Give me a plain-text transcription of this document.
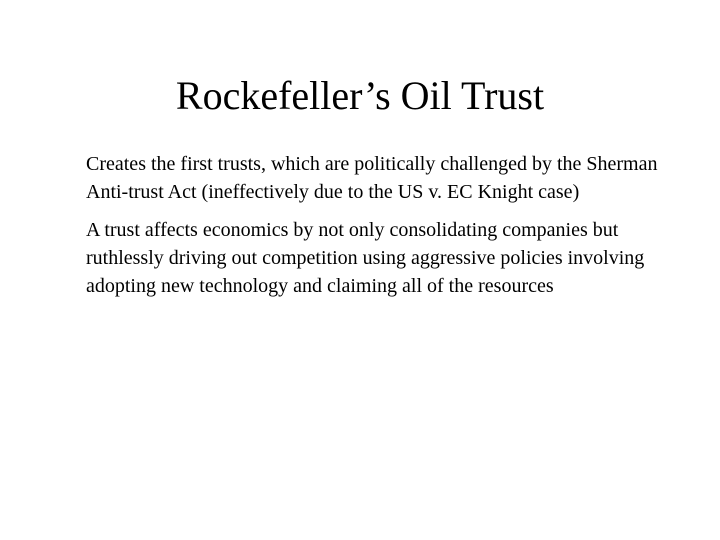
Rockefeller’s Oil Trust
Creates the first trusts, which are politically challenged by the Sherman Anti-trust Act (ineffectively due to the US v. EC Knight case)
A trust affects economics by not only consolidating companies but ruthlessly driving out competition using aggressive policies involving adopting new technology and claiming all of the resources
